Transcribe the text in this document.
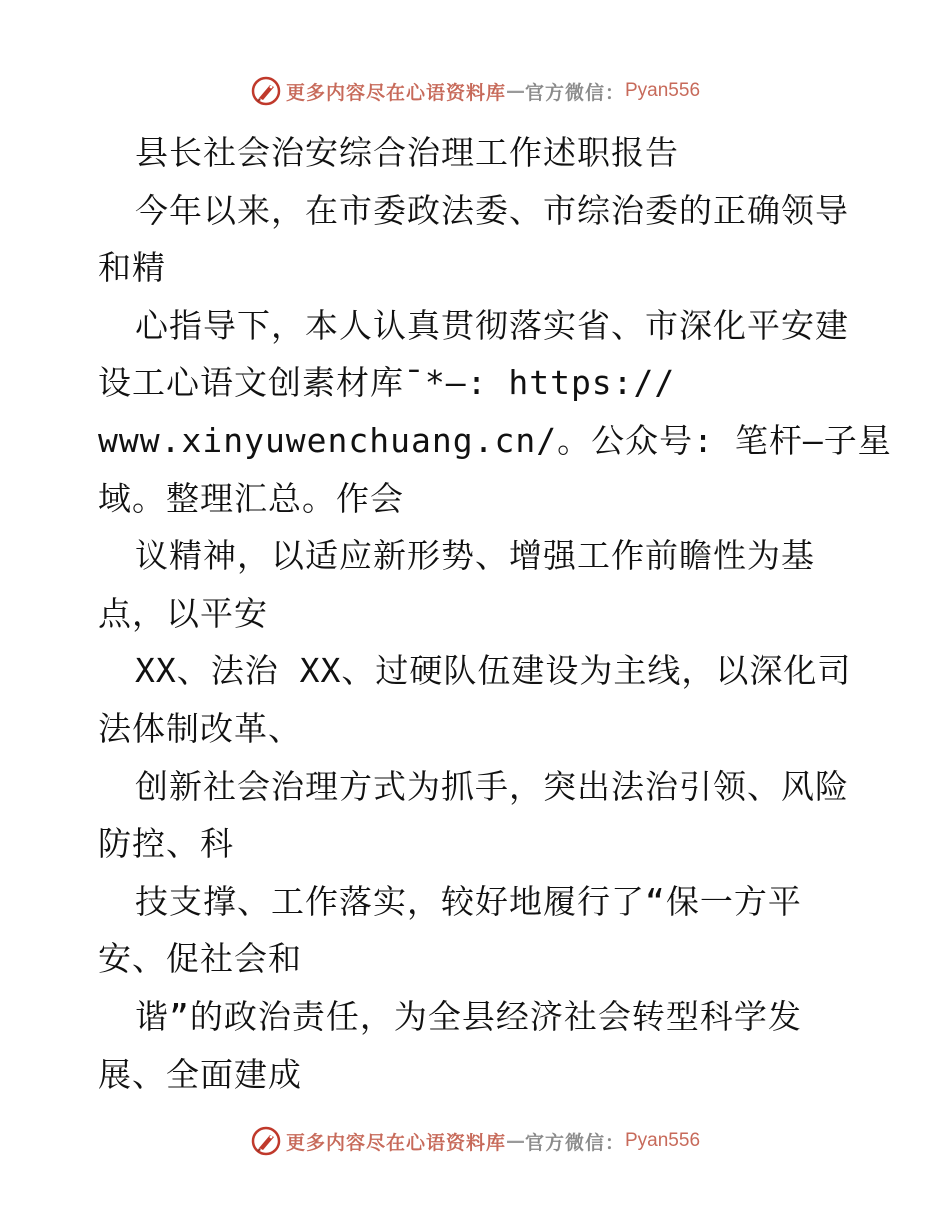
更多内容尽在心语资料库 — 官方微信： Pyan556
县长社会治安综合治理工作述职报告
今年以来，在市委政法委、市综治委的正确领导
和精
心指导下，本人认真贯彻落实省、市深化平安建
设工心语文创素材库¯*—: https://
www.xinyuwenchuang.cn/。公众号: 笔杆—子星
域。整理汇总。作会
议精神，以适应新形势、增强工作前瞻性为基
点，以平安
XX、法治 XX、过硬队伍建设为主线，以深化司
法体制改革、
创新社会治理方式为抓手，突出法治引领、风险
防控、科
技支撑、工作落实，较好地履行了“保一方平
安、促社会和
谐”的政治责任，为全县经济社会转型科学发
展、全面建成
更多内容尽在心语资料库 — 官方微信： Pyan556
